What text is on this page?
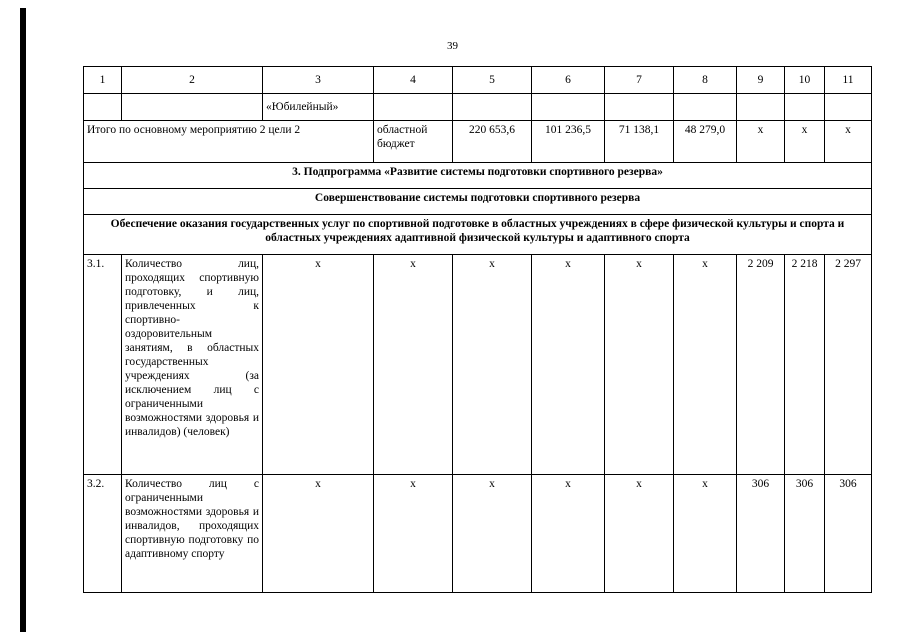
39
1	2	3	4	5	6	7	8	9	10	11
		«Юбилейный»								
Итого по основному мероприятию 2 цели 2			областной бюджет	220 653,6	101 236,5	71 138,1	48 279,0	х	х	х
3. Подпрограмма «Развитие системы подготовки спортивного резерва»										
Совершенствование системы подготовки спортивного резерва										
Обеспечение оказания государственных услуг по спортивной подготовке в областных учреждениях в сфере физической культуры и спорта и областных учреждениях адаптивной физической культуры и адаптивного спорта										
3.1.	Количество лиц, проходящих спортивную подготовку, и лиц, привлеченных к спортивно-оздоровительным занятиям, в областных государственных учреждениях (за исключением лиц с ограниченными возможностями здоровья и инвалидов) (человек)	х	х	х	х	х	х	2 209	2 218	2 297
3.2.	Количество лиц с ограниченными возможностями здоровья и инвалидов, проходящих спортивную подготовку по адаптивному спорту	х	х	х	х	х	х	306	306	306
